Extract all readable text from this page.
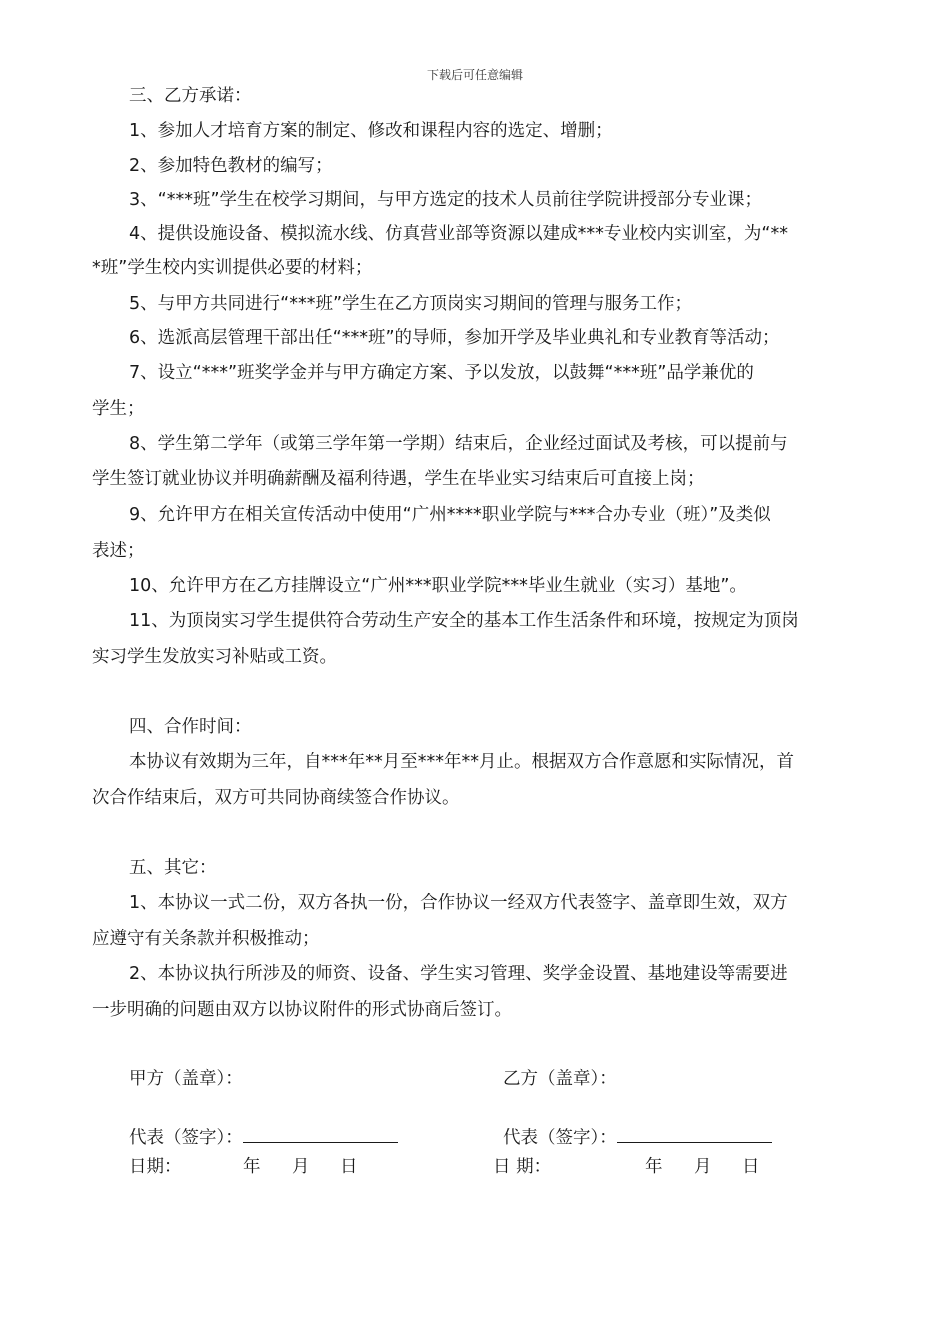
下载后可任意编辑
三、乙方承诺：
1、参加人才培育方案的制定、修改和课程内容的选定、增删；
2、参加特色教材的编写；
3、“***班”学生在校学习期间，与甲方选定的技术人员前往学院讲授部分专业课；
4、提供设施设备、模拟流水线、仿真营业部等资源以建成***专业校内实训室，为“**
*班”学生校内实训提供必要的材料；
5、与甲方共同进行“***班”学生在乙方顶岗实习期间的管理与服务工作；
6、选派高层管理干部出任“***班”的导师，参加开学及毕业典礼和专业教育等活动；
7、设立“***”班奖学金并与甲方确定方案、予以发放，以鼓舞“***班”品学兼优的
学生；
8、学生第二学年（或第三学年第一学期）结束后，企业经过面试及考核，可以提前与
学生签订就业协议并明确薪酬及福利待遇，学生在毕业实习结束后可直接上岗；
9、允许甲方在相关宣传活动中使用“广州****职业学院与***合办专业（班）”及类似
表述；
10、允许甲方在乙方挂牌设立“广州***职业学院***毕业生就业（实习）基地”。
11、为顶岗实习学生提供符合劳动生产安全的基本工作生活条件和环境，按规定为顶岗
实习学生发放实习补贴或工资。
四、合作时间：
本协议有效期为三年，自***年**月至***年**月止。根据双方合作意愿和实际情况，首
次合作结束后，双方可共同协商续签合作协议。
五、其它：
1、本协议一式二份，双方各执一份，合作协议一经双方代表签字、盖章即生效，双方
应遵守有关条款并积极推动；
2、本协议执行所涉及的师资、设备、学生实习管理、奖学金设置、基地建设等需要进
一步明确的问题由双方以协议附件的形式协商后签订。
甲方（盖章）：	乙方（盖章）：
代表（签字）：	代表（签字）：
日期：	年 月 日	日 期：	年 月 日
